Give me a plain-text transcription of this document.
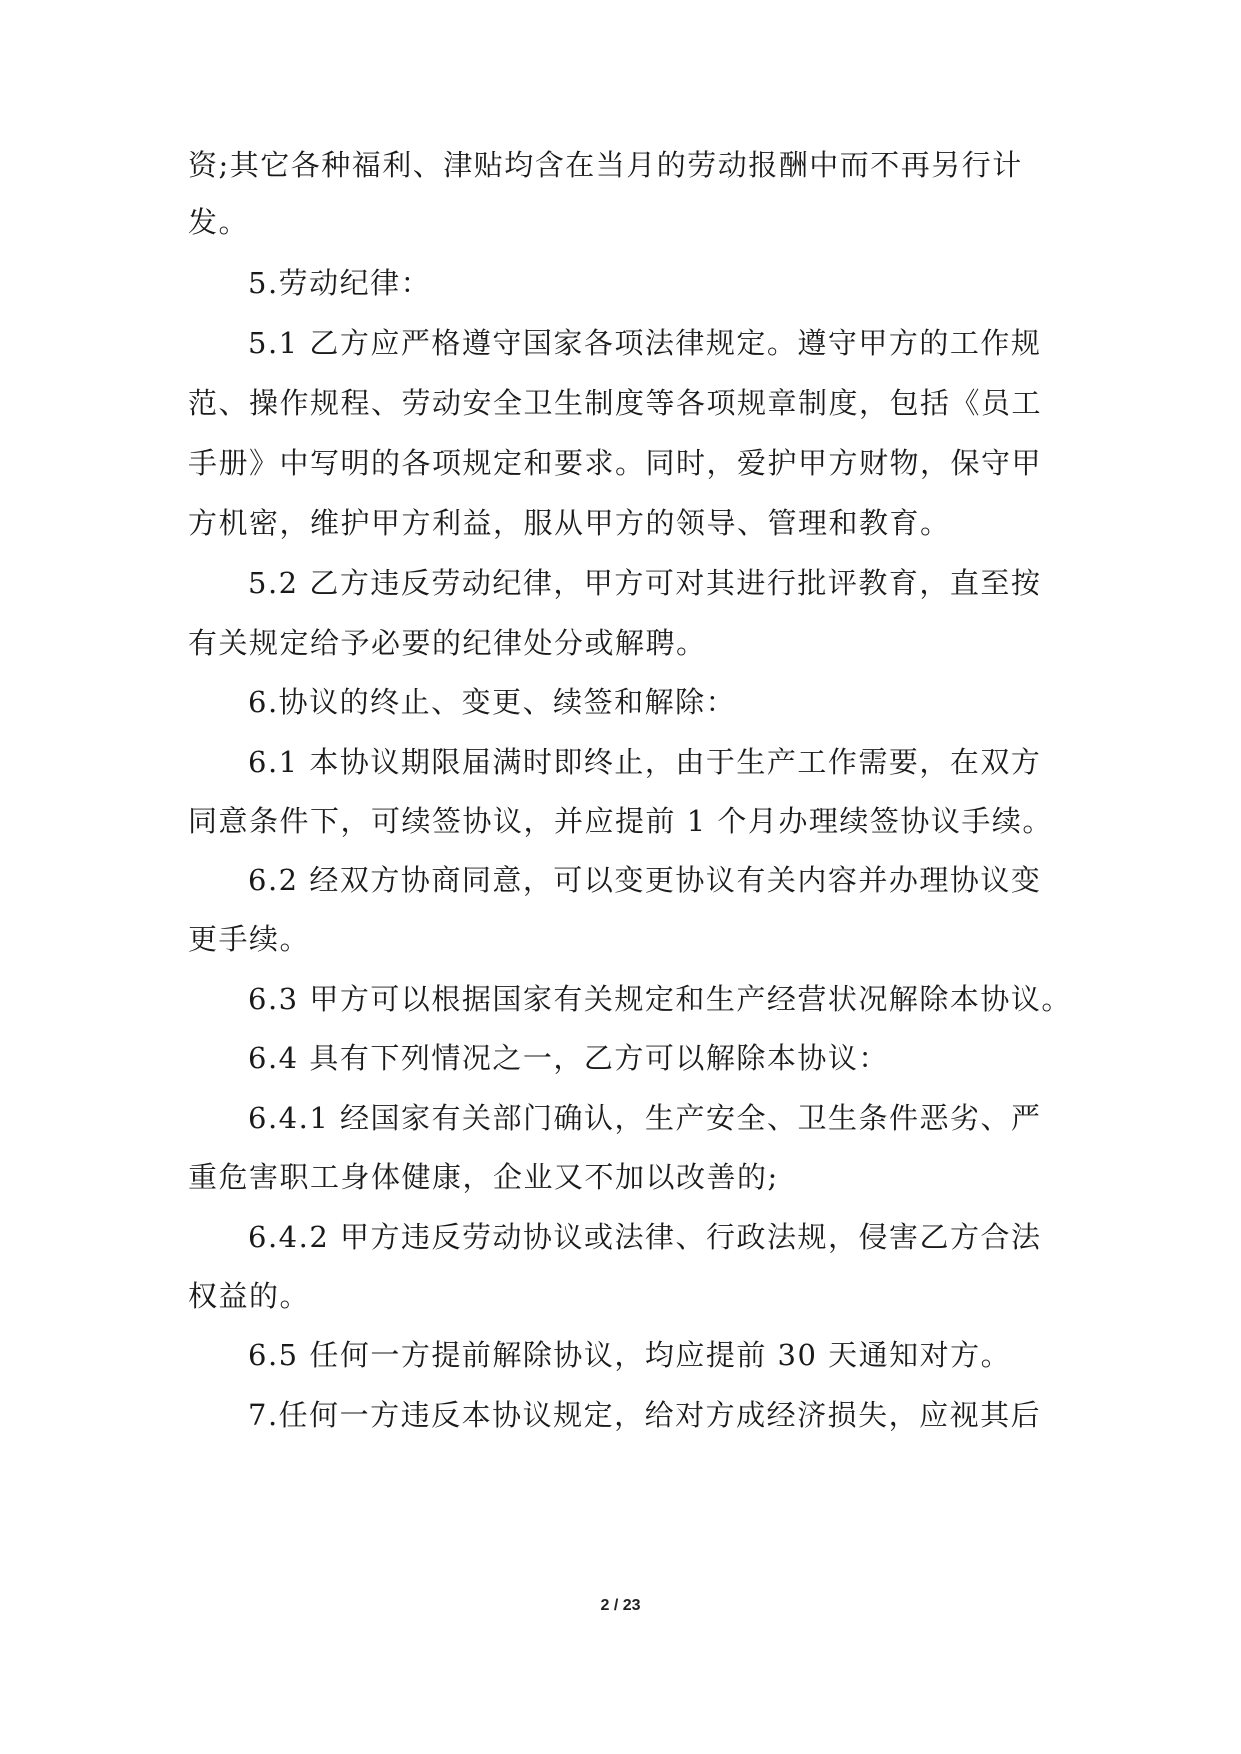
资;其它各种福利、津贴均含在当月的劳动报酬中而不再另行计
发。
5.劳动纪律：
5.1 乙方应严格遵守国家各项法律规定。遵守甲方的工作规
范、操作规程、劳动安全卫生制度等各项规章制度，包括《员工
手册》中写明的各项规定和要求。同时，爱护甲方财物，保守甲
方机密，维护甲方利益，服从甲方的领导、管理和教育。
5.2 乙方违反劳动纪律，甲方可对其进行批评教育，直至按
有关规定给予必要的纪律处分或解聘。
6.协议的终止、变更、续签和解除：
6.1 本协议期限届满时即终止，由于生产工作需要，在双方
同意条件下，可续签协议，并应提前 1 个月办理续签协议手续。
6.2 经双方协商同意，可以变更协议有关内容并办理协议变
更手续。
6.3 甲方可以根据国家有关规定和生产经营状况解除本协议。
6.4 具有下列情况之一，乙方可以解除本协议：
6.4.1 经国家有关部门确认，生产安全、卫生条件恶劣、严
重危害职工身体健康，企业又不加以改善的;
6.4.2 甲方违反劳动协议或法律、行政法规，侵害乙方合法
权益的。
6.5 任何一方提前解除协议，均应提前 30 天通知对方。
7.任何一方违反本协议规定，给对方成经济损失，应视其后
2 / 23
